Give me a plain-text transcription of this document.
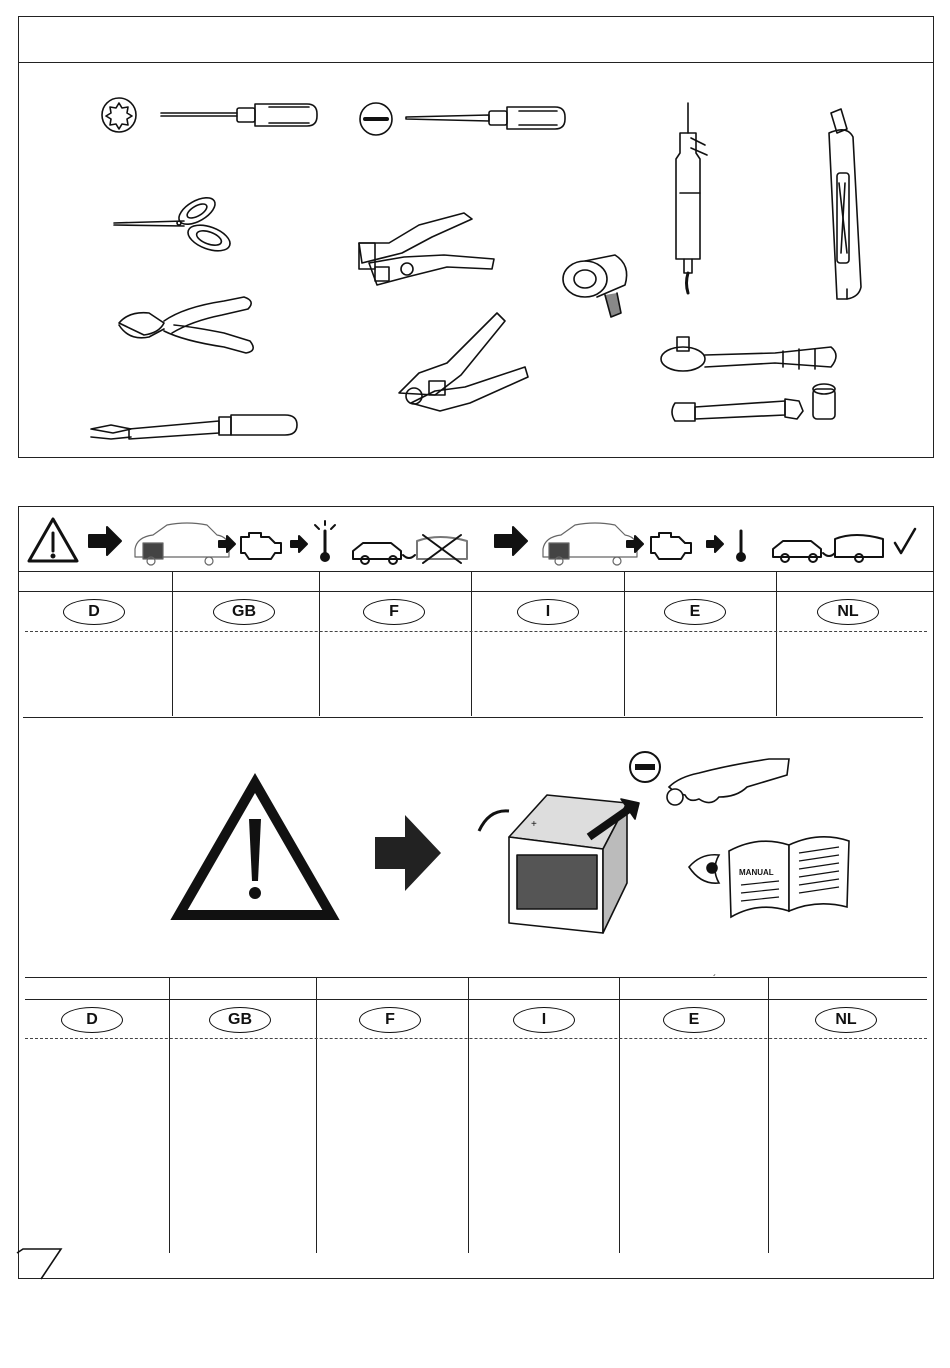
D	GB	F	I	E	NL
+
MANUAL
´
D	GB	F	I	E	NL
